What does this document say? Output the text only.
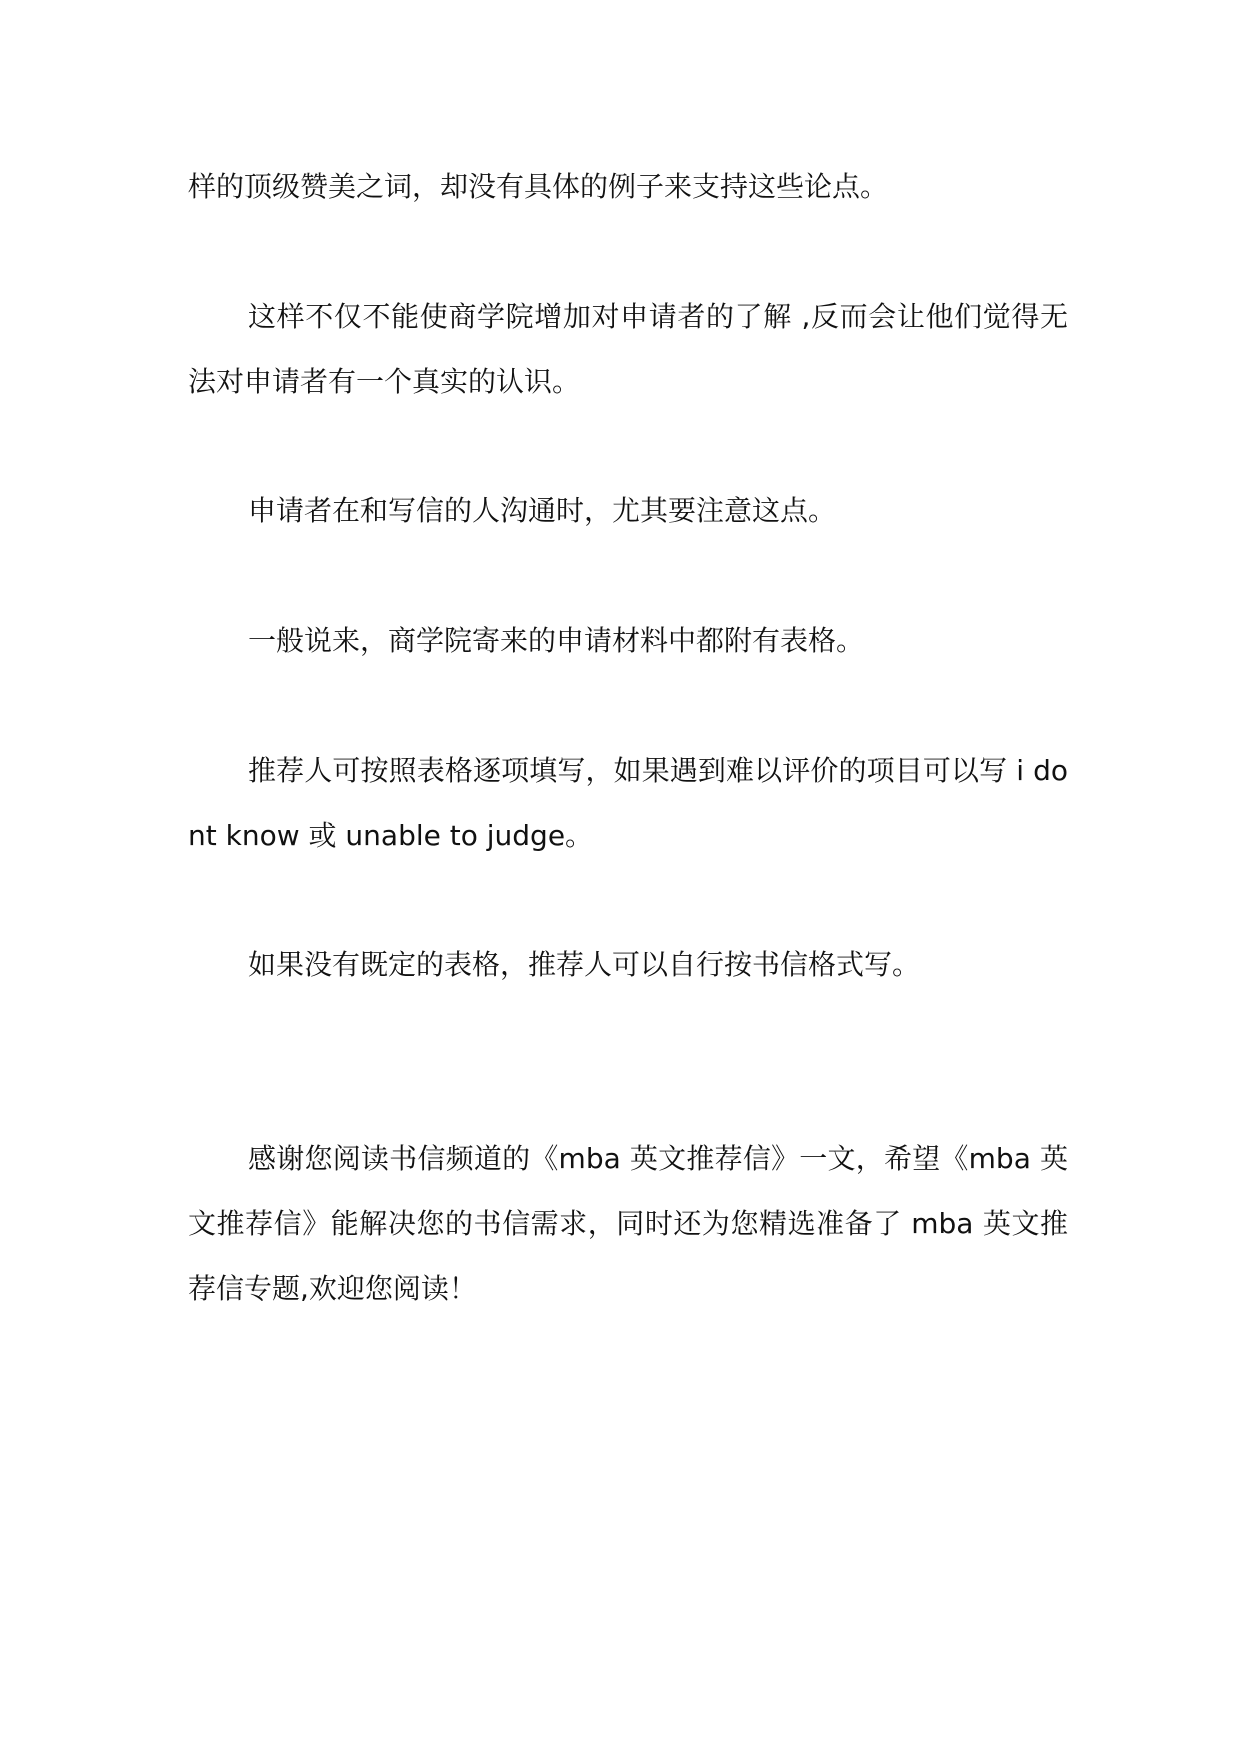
样的顶级赞美之词，却没有具体的例子来支持这些论点。

这样不仅不能使商学院增加对申请者的了解 ,反而会让他们觉得无法对申请者有一个真实的认识。

申请者在和写信的人沟通时，尤其要注意这点。

一般说来，商学院寄来的申请材料中都附有表格。

推荐人可按照表格逐项填写，如果遇到难以评价的项目可以写 i dont know 或 unable to judge。

如果没有既定的表格，推荐人可以自行按书信格式写。

感谢您阅读书信频道的《mba 英文推荐信》一文，希望《mba 英文推荐信》能解决您的书信需求，同时还为您精选准备了 mba 英文推荐信专题,欢迎您阅读！
